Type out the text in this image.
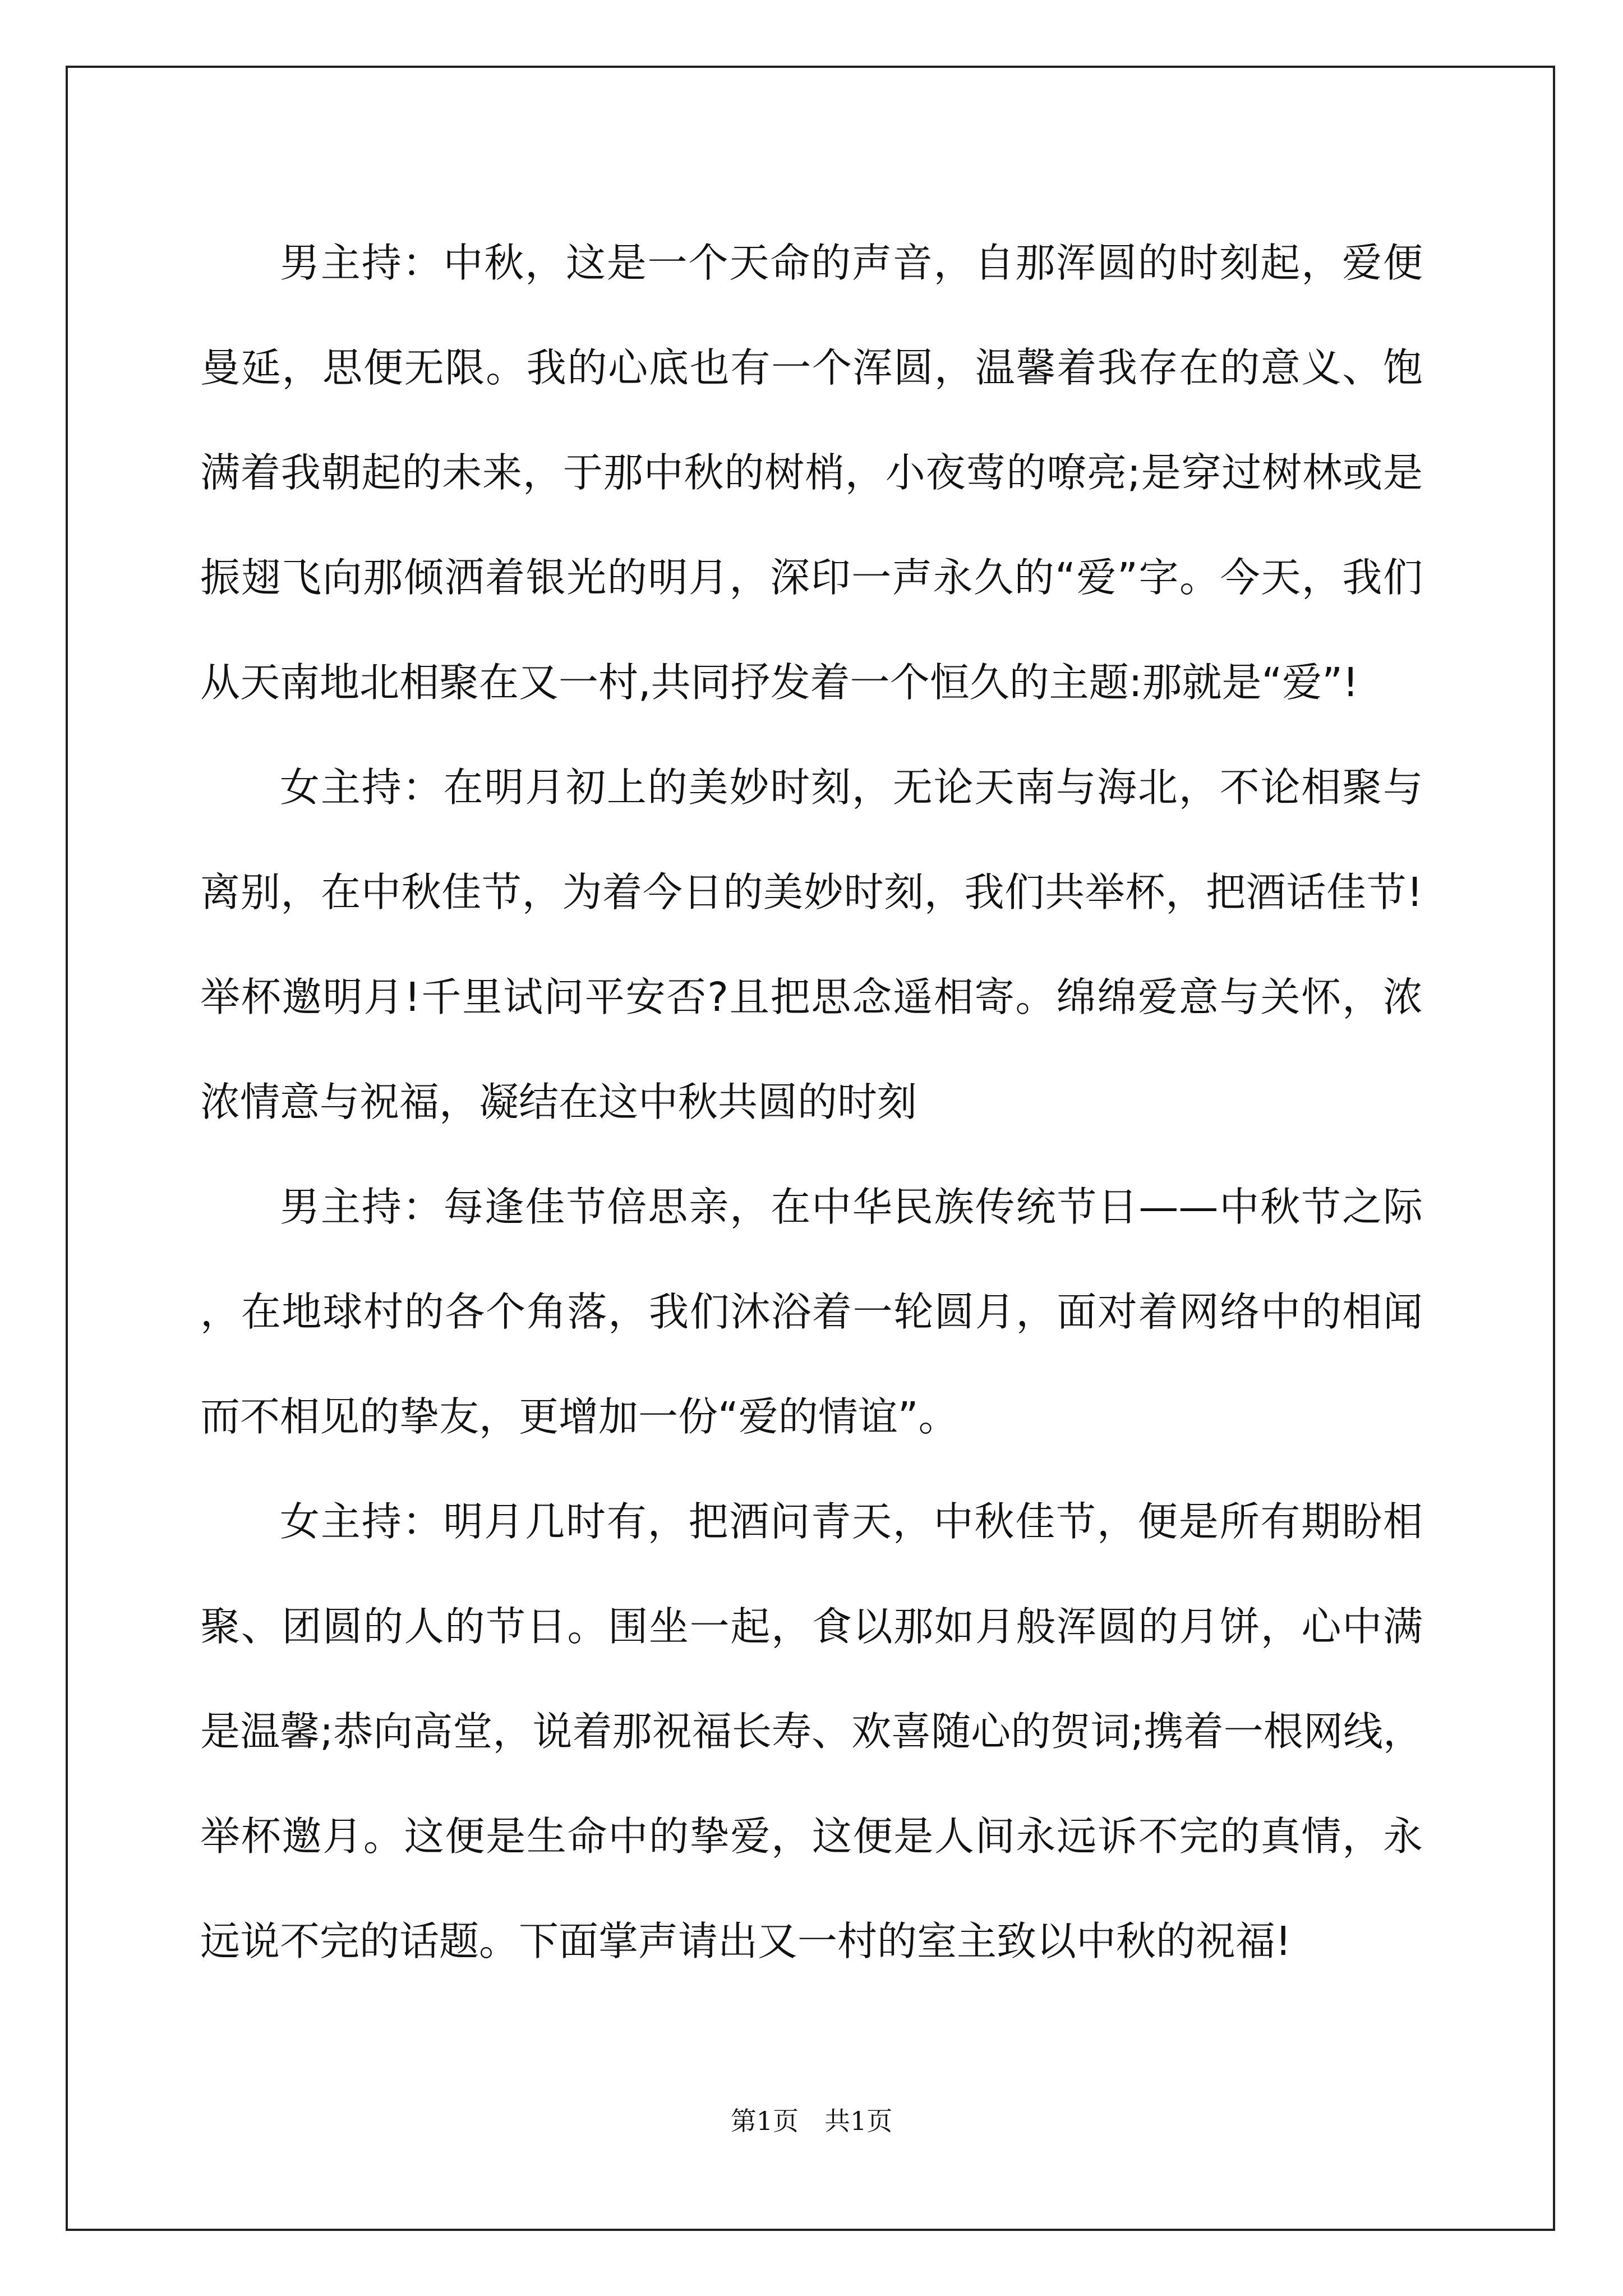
男主持：中秋，这是一个天命的声音，自那浑圆的时刻起，爱便曼延，思便无限。我的心底也有一个浑圆，温馨着我存在的意义、饱满着我朝起的未来，于那中秋的树梢，小夜莺的嘹亮;是穿过树林或是振翅飞向那倾洒着银光的明月，深印一声永久的“爱”字。今天，我们从天南地北相聚在又一村,共同抒发着一个恒久的主题:那就是“爱”!

女主持：在明月初上的美妙时刻，无论天南与海北，不论相聚与离别，在中秋佳节，为着今日的美妙时刻，我们共举杯，把酒话佳节!举杯邀明月!千里试问平安否?且把思念遥相寄。绵绵爱意与关怀，浓浓情意与祝福，凝结在这中秋共圆的时刻

男主持：每逢佳节倍思亲，在中华民族传统节日——中秋节之际，在地球村的各个角落，我们沐浴着一轮圆月，面对着网络中的相闻而不相见的挚友，更增加一份“爱的情谊”。

女主持：明月几时有，把酒问青天，中秋佳节，便是所有期盼相聚、团圆的人的节日。围坐一起，食以那如月般浑圆的月饼，心中满是温馨;恭向高堂，说着那祝福长寿、欢喜随心的贺词;携着一根网线，举杯邀月。这便是生命中的挚爱，这便是人间永远诉不完的真情，永远说不完的话题。下面掌声请出又一村的室主致以中秋的祝福!

第1页　共1页
